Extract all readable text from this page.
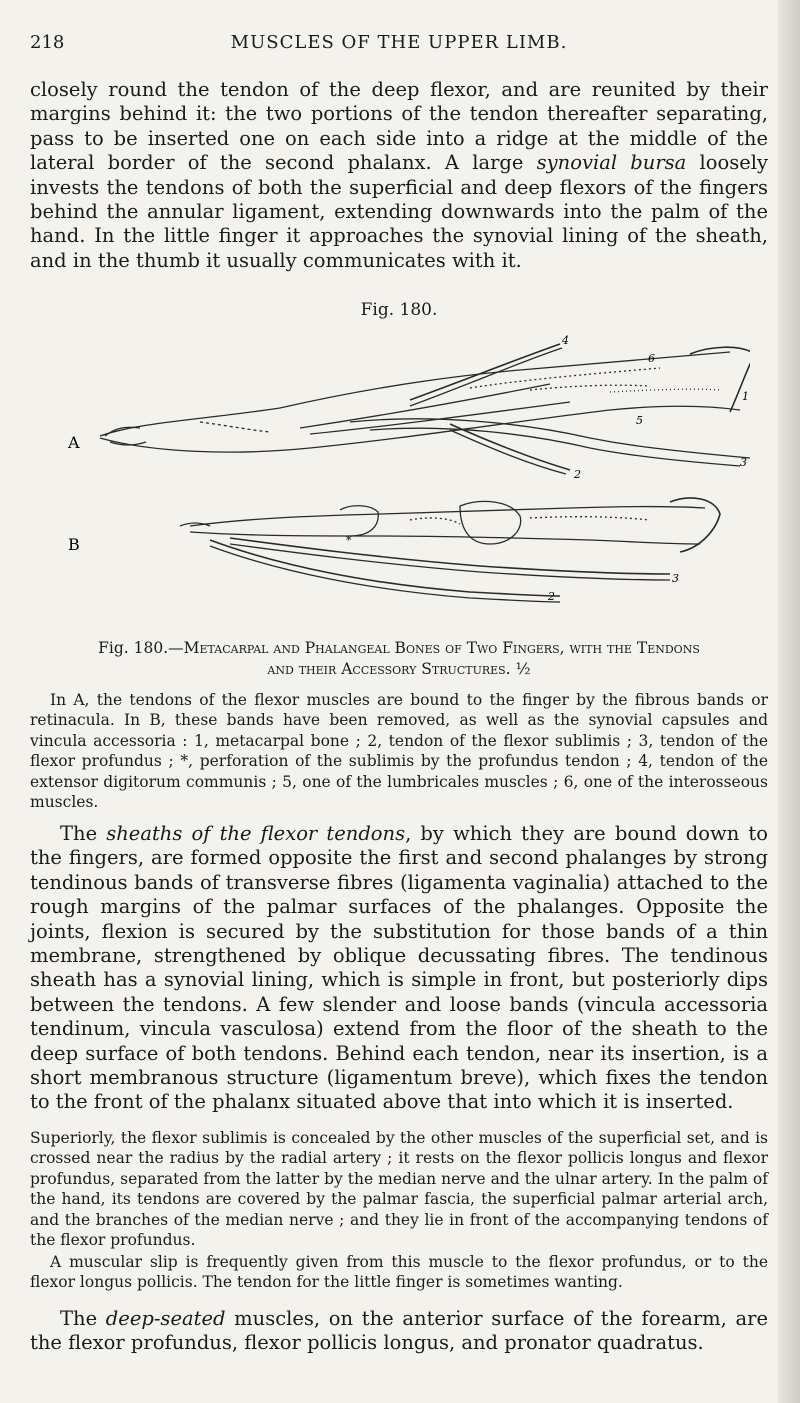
218	MUSCLES OF THE UPPER LIMB.

closely round the tendon of the deep flexor, and are reunited by their margins behind it: the two portions of the tendon thereafter separating, pass to be inserted one on each side into a ridge at the middle of the lateral border of the second phalanx. A large synovial bursa loosely invests the tendons of both the superficial and deep flexors of the fingers behind the annular ligament, extending downwards into the palm of the hand. In the little finger it approaches the synovial lining of the sheath, and in the thumb it usually communicates with it.

Fig. 180.
A
B
4
6
1
5
3
2
*
3
2
Fig. 180.—Metacarpal and Phalangeal Bones of Two Fingers, with the Tendons
and their Accessory Structures. ½

In A, the tendons of the flexor muscles are bound to the finger by the fibrous bands or retinacula. In B, these bands have been removed, as well as the synovial capsules and vincula accessoria : 1, metacarpal bone ; 2, tendon of the flexor sublimis ; 3, tendon of the flexor profundus ; *, perforation of the sublimis by the profundus tendon ; 4, tendon of the extensor digitorum communis ; 5, one of the lumbricales muscles ; 6, one of the interosseous muscles.

The sheaths of the flexor tendons, by which they are bound down to the fingers, are formed opposite the first and second phalanges by strong tendinous bands of transverse fibres (ligamenta vaginalia) attached to the rough margins of the palmar surfaces of the phalanges. Opposite the joints, flexion is secured by the substitution for those bands of a thin membrane, strengthened by oblique decussating fibres. The tendinous sheath has a synovial lining, which is simple in front, but posteriorly dips between the tendons. A few slender and loose bands (vincula accessoria tendinum, vincula vasculosa) extend from the floor of the sheath to the deep surface of both tendons. Behind each tendon, near its insertion, is a short membranous structure (ligamentum breve), which fixes the tendon to the front of the phalanx situated above that into which it is inserted.

Superiorly, the flexor sublimis is concealed by the other muscles of the superficial set, and is crossed near the radius by the radial artery ; it rests on the flexor pollicis longus and flexor profundus, separated from the latter by the median nerve and the ulnar artery. In the palm of the hand, its tendons are covered by the palmar fascia, the superficial palmar arterial arch, and the branches of the median nerve ; and they lie in front of the accompanying tendons of the flexor profundus.

A muscular slip is frequently given from this muscle to the flexor profundus, or to the flexor longus pollicis. The tendon for the little finger is sometimes wanting.

The deep-seated muscles, on the anterior surface of the forearm, are the flexor profundus, flexor pollicis longus, and pronator quadratus.
